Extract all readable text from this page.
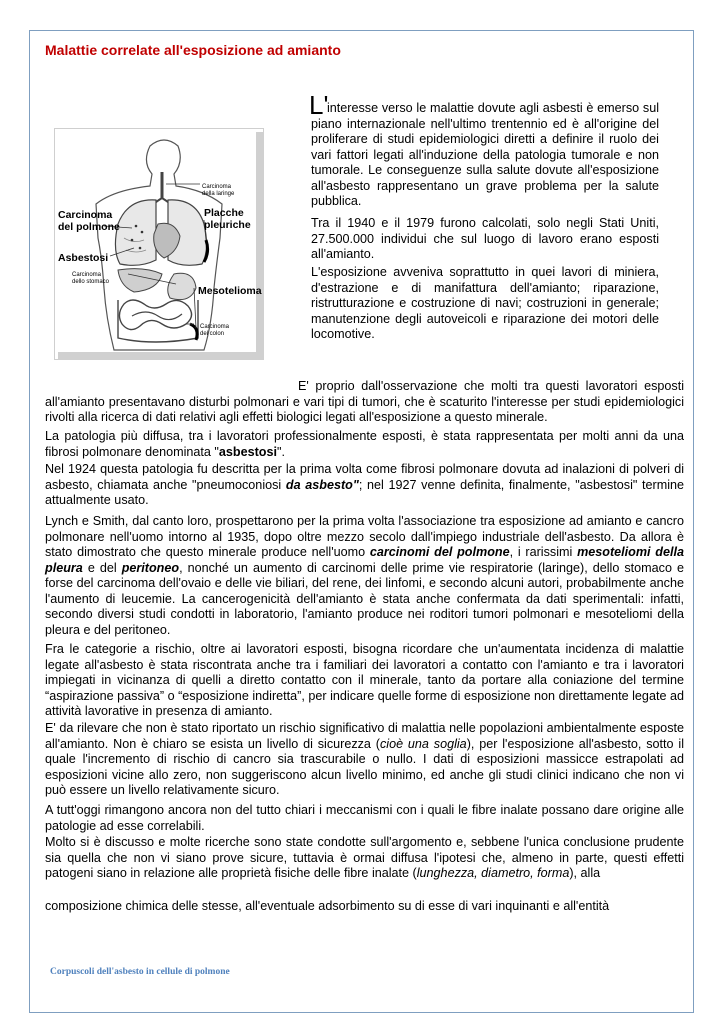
Malattie correlate all'esposizione ad amianto
Carcinoma
della laringe
Carcinoma
del polmone
Placche
pleuriche
Asbestosi
Carcinoma
dello stomaco
Mesotelioma
Carcinoma
del colon
L'

interesse verso le malattie dovute agli asbesti è emerso sul piano internazionale nell'ultimo trentennio ed è all'origine del proliferare di studi epidemiologici diretti a definire il ruolo dei vari fattori legati all'induzione della patologia tumorale e non tumorale. Le conseguenze sulla salute dovute all'esposizione all'asbesto rappresentano un grave problema per la salute pubblica.

Tra il 1940 e il 1979 furono calcolati, solo negli Stati Uniti, 27.500.000 individui che sul luogo di lavoro erano esposti all'amianto.

L'esposizione avveniva soprattutto in quei lavori di miniera, d'estrazione e di manifattura dell'amianto; riparazione, ristrutturazione e costruzione di navi; costruzioni in generale; manutenzione degli autoveicoli e riparazione dei motori delle locomotive.

E' proprio dall'osservazione che molti tra questi lavoratori esposti all'amianto presentavano disturbi polmonari e vari tipi di tumori, che è scaturito l'interesse per studi epidemiologici rivolti alla ricerca di dati relativi agli effetti biologici legati all'esposizione a questo minerale.

La patologia più diffusa, tra i lavoratori professionalmente esposti, è stata rappresentata per molti anni da una fibrosi polmonare denominata "asbestosi".

Nel 1924 questa patologia fu descritta per la prima volta come fibrosi polmonare dovuta ad inalazioni di polveri di asbesto, chiamata anche "pneumoconiosi da asbesto"; nel 1927 venne definita, finalmente, "asbestosi" termine attualmente usato.

Lynch e Smith, dal canto loro, prospettarono per la prima volta l'associazione tra esposizione ad amianto e cancro polmonare nell'uomo intorno al 1935, dopo oltre mezzo secolo dall'impiego industriale dell'asbesto. Da allora è stato dimostrato che questo minerale produce nell'uomo carcinomi del polmone, i rarissimi mesoteliomi della pleura e del peritoneo, nonché un aumento di carcinomi delle prime vie respiratorie (laringe), dello stomaco e forse del carcinoma dell'ovaio e delle vie biliari, del rene, dei linfomi, e secondo alcuni autori, probabilmente anche l'aumento di leucemie. La cancerogenicità dell'amianto è stata anche confermata da dati sperimentali: infatti, secondo diversi studi condotti in laboratorio, l'amianto produce nei roditori tumori polmonari e mesoteliomi della pleura e del peritoneo.

Fra le categorie a rischio, oltre ai lavoratori esposti, bisogna ricordare che un'aumentata incidenza di malattie legate all'asbesto è stata riscontrata anche tra i familiari dei lavoratori a contatto con l'amianto e tra i lavoratori impiegati in vicinanza di quelli a diretto contatto con il minerale, tanto da portare alla coniazione del termine “aspirazione passiva” o “esposizione indiretta”, per indicare quelle forme di esposizione non direttamente legate ad attività lavorative in presenza di amianto.

E' da rilevare che non è stato riportato un rischio significativo di malattia nelle popolazioni ambientalmente esposte all'amianto. Non è chiaro se esista un livello di sicurezza (cioè una soglia), per l'esposizione all'asbesto, sotto il quale l'incremento di rischio di cancro sia trascurabile o nullo. I dati di esposizioni massicce estrapolati ad esposizioni vicine allo zero, non suggeriscono alcun livello minimo, ed anche gli studi clinici indicano che non vi può essere un livello relativamente sicuro.

A tutt'oggi rimangono ancora non del tutto chiari i meccanismi con i quali le fibre inalate possano dare origine alle patologie ad esse correlabili.

Molto si è discusso e molte ricerche sono state condotte sull'argomento e, sebbene l'unica conclusione prudente sia quella che non vi siano prove sicure, tuttavia è ormai diffusa l'ipotesi che, almeno in parte, questi effetti patogeni siano in relazione alle proprietà fisiche delle fibre inalate (lunghezza, diametro, forma), alla

composizione chimica delle stesse, all'eventuale adsorbimento su di esse di vari inquinanti e all'entità

Corpuscoli dell'asbesto in cellule di polmone
